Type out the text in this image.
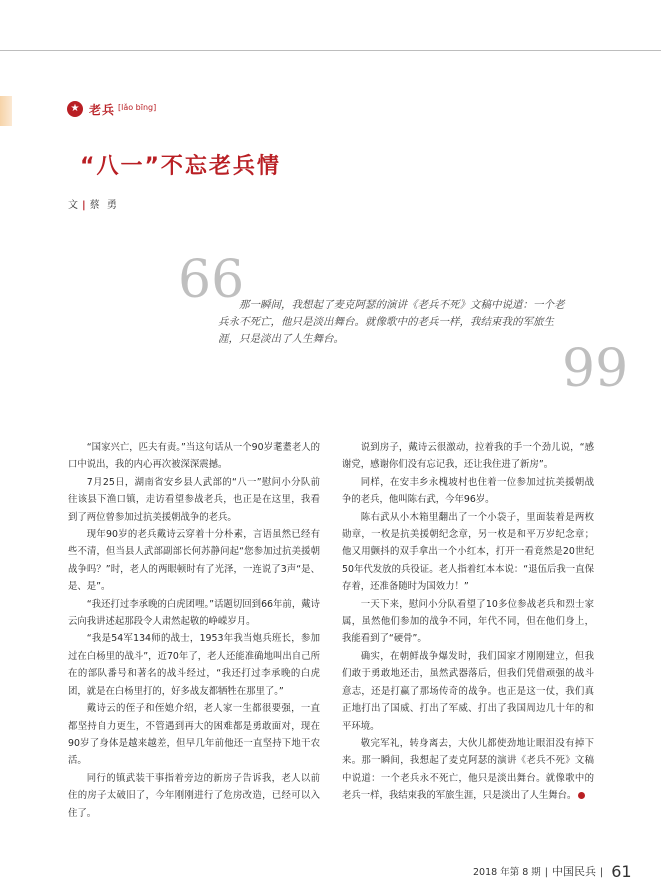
★ 老兵 [lǎo bīng]
“八一”不忘老兵情
文 | 蔡 勇
66
那一瞬间，我想起了麦克阿瑟的演讲《老兵不死》文稿中说道：一个老兵永不死亡，他只是淡出舞台。就像歌中的老兵一样，我结束我的军旅生涯，只是淡出了人生舞台。	99

“国家兴亡，匹夫有责。”当这句话从一个90岁耄耋老人的口中说出，我的内心再次被深深震撼。

7月25日，湖南省安乡县人武部的“八一”慰问小分队前往该县下渔口镇，走访看望参战老兵，也正是在这里，我看到了两位曾参加过抗美援朝战争的老兵。

现年90岁的老兵戴诗云穿着十分朴素，言语虽然已经有些不清，但当县人武部副部长何苏静问起“您参加过抗美援朝战争吗？”时，老人的两眼顿时有了光泽，一连说了3声“是、是、是”。

“我还打过李承晚的白虎团哩。”话题切回到66年前，戴诗云向我讲述起那段令人肃然起敬的峥嵘岁月。

“我是54军134师的战士，1953年我当炮兵班长，参加过在白杨里的战斗”，近70年了，老人还能准确地叫出自己所在的部队番号和著名的战斗经过，“我还打过李承晚的白虎团，就是在白杨里打的，好多战友都牺牲在那里了。”

戴诗云的侄子和侄媳介绍，老人家一生都很要强，一直都坚持自力更生，不管遇到再大的困难都是勇敢面对，现在90岁了身体是越来越差，但早几年前他还一直坚持下地干农活。

同行的镇武装干事指着旁边的新房子告诉我，老人以前住的房子太破旧了，今年刚刚进行了危房改造，已经可以入住了。

说到房子，戴诗云很激动，拉着我的手一个劲儿说，“感谢党，感谢你们没有忘记我，还让我住进了新房”。

同样，在安丰乡永槐坡村也住着一位参加过抗美援朝战争的老兵，他叫陈右武，今年96岁。

陈右武从小木箱里翻出了一个小袋子，里面装着是两枚勋章，一枚是抗美援朝纪念章，另一枚是和平万岁纪念章；他又用颤抖的双手拿出一个小红本，打开一看竟然是20世纪50年代发放的兵役证。老人指着红本本说：“退伍后我一直保存着，还准备随时为国效力！”

一天下来，慰问小分队看望了10多位参战老兵和烈士家属，虽然他们参加的战争不同，年代不同，但在他们身上，我能看到了“硬骨”。

确实，在朝鲜战争爆发时，我们国家才刚刚建立，但我们敢于勇敢地还击，虽然武器落后，但我们凭借顽强的战斗意志，还是打赢了那场传奇的战争。也正是这一仗，我们真正地打出了国威、打出了军威、打出了我国周边几十年的和平环境。

敬完军礼，转身离去，大伙儿都使劲地让眼泪没有掉下来。那一瞬间，我想起了麦克阿瑟的演讲《老兵不死》文稿中说道：一个老兵永不死亡，他只是淡出舞台。就像歌中的老兵一样，我结束我的军旅生涯，只是淡出了人生舞台。

2018 年第 8 期 | 中国民兵 | 61
